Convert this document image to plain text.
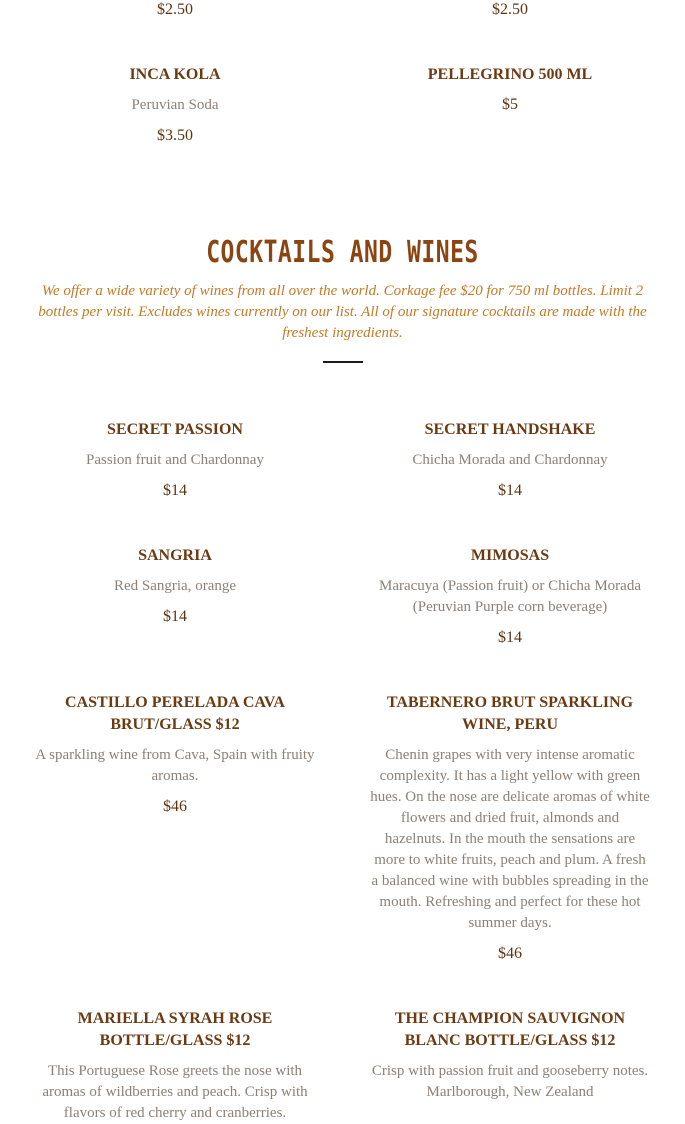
$2.50	$2.50
INCA KOLA
Peruvian Soda
$3.50
PELLEGRINO 500 ML
$5
COCKTAILS AND WINES
We offer a wide variety of wines from all over the world. Corkage fee $20 for 750 ml bottles. Limit 2 bottles per visit. Excludes wines currently on our list. All of our signature cocktails are made with the freshest ingredients.
SECRET PASSION
Passion fruit and Chardonnay
$14
SECRET HANDSHAKE
Chicha Morada and Chardonnay
$14
SANGRIA
Red Sangria, orange
$14
MIMOSAS
Maracuya (Passion fruit) or Chicha Morada (Peruvian Purple corn beverage)
$14
CASTILLO PERELADA CAVA BRUT/GLASS $12
A sparkling wine from Cava, Spain with fruity aromas.
$46
TABERNERO BRUT SPARKLING WINE, PERU
Chenin grapes with very intense aromatic complexity. It has a light yellow with green hues. On the nose are delicate aromas of white flowers and dried fruit, almonds and hazelnuts. In the mouth the sensations are more to white fruits, peach and plum. A fresh a balanced wine with bubbles spreading in the mouth. Refreshing and perfect for these hot summer days.
$46
MARIELLA SYRAH ROSE BOTTLE/GLASS $12
This Portuguese Rose greets the nose with aromas of wildberries and peach. Crisp with flavors of red cherry and cranberries.
THE CHAMPION SAUVIGNON BLANC BOTTLE/GLASS $12
Crisp with passion fruit and gooseberry notes. Marlborough, New Zealand
